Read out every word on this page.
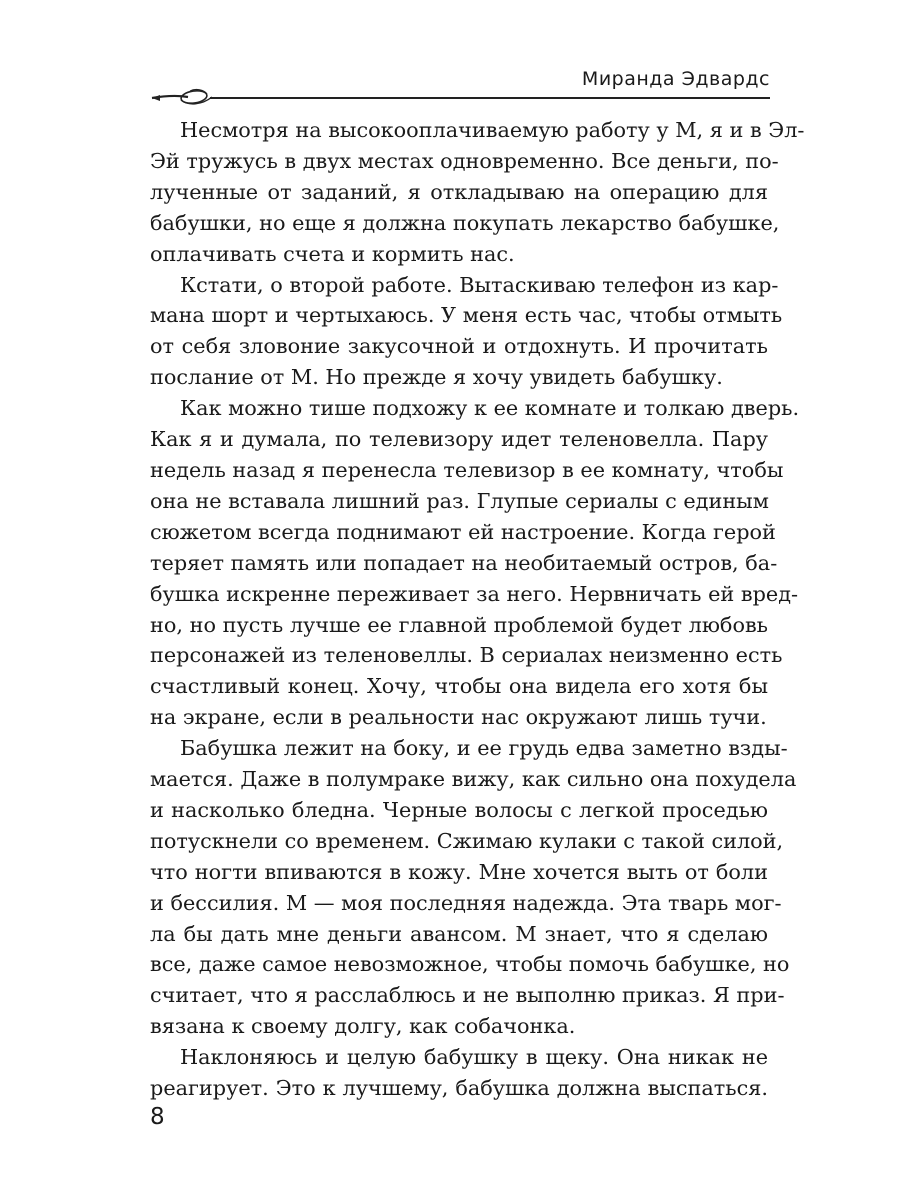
Миранда Эдвардс
Несмотря на высокооплачиваемую работу у М, я и в Эл-
Эй тружусь в двух местах одновременно. Все деньги, по-
лученные от заданий, я откладываю на операцию для
бабушки, но еще я должна покупать лекарство бабушке,
оплачивать счета и кормить нас.
Кстати, о второй работе. Вытаскиваю телефон из кар-
мана шорт и чертыхаюсь. У меня есть час, чтобы отмыть
от себя зловоние закусочной и отдохнуть. И прочитать
послание от М. Но прежде я хочу увидеть бабушку.
Как можно тише подхожу к ее комнате и толкаю дверь.
Как я и думала, по телевизору идет теленовелла. Пару
недель назад я перенесла телевизор в ее комнату, чтобы
она не вставала лишний раз. Глупые сериалы с единым
сюжетом всегда поднимают ей настроение. Когда герой
теряет память или попадает на необитаемый остров, ба-
бушка искренне переживает за него. Нервничать ей вред-
но, но пусть лучше ее главной проблемой будет любовь
персонажей из теленовеллы. В сериалах неизменно есть
счастливый конец. Хочу, чтобы она видела его хотя бы
на экране, если в реальности нас окружают лишь тучи.
Бабушка лежит на боку, и ее грудь едва заметно взды-
мается. Даже в полумраке вижу, как сильно она похудела
и насколько бледна. Черные волосы с легкой проседью
потускнели со временем. Сжимаю кулаки с такой силой,
что ногти впиваются в кожу. Мне хочется выть от боли
и бессилия. М — моя последняя надежда. Эта тварь мог-
ла бы дать мне деньги авансом. М знает, что я сделаю
все, даже самое невозможное, чтобы помочь бабушке, но
считает, что я расслаблюсь и не выполню приказ. Я при-
вязана к своему долгу, как собачонка.
Наклоняюсь и целую бабушку в щеку. Она никак не
реагирует. Это к лучшему, бабушка должна выспаться.
8
